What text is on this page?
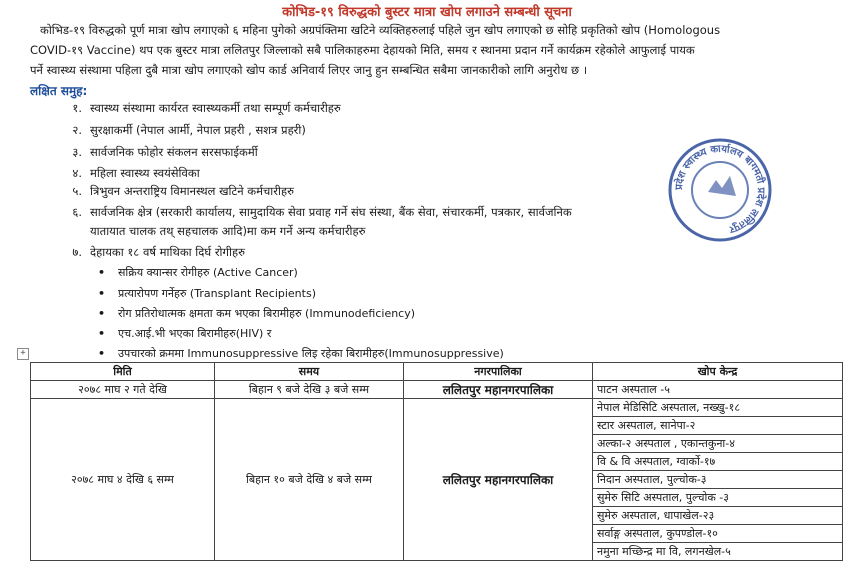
कोभिड-१९ विरुद्धको बुस्टर मात्रा खोप लगाउने सम्बन्धी सूचना
कोभिड-१९ विरुद्धको पूर्ण मात्रा खोप लगाएको ६ महिना पुगेको अग्रपंक्तिमा खटिने व्यक्तिहरुलाई पहिले जुन खोप लगाएको छ सोहि प्रकृतिको खोप (Homologous
COVID-१९ Vaccine) थप एक बुस्टर मात्रा ललितपुर जिल्लाको सबै पालिकाहरुमा देहायको मिति, समय र स्थानमा प्रदान गर्ने कार्यक्रम रहेकोले आफुलाई पायक
पर्ने स्वास्थ्य संस्थामा पहिला दुबै मात्रा खोप लगाएको खोप कार्ड अनिवार्य लिएर जानु हुन सम्बन्धित सबैमा जानकारीको लागि अनुरोध छ ।
लक्षित समुह:
१. स्वास्थ्य संस्थामा कार्यरत स्वास्थ्यकर्मी तथा सम्पूर्ण कर्मचारीहरु
२. सुरक्षाकर्मी (नेपाल आर्मी, नेपाल प्रहरी , सशत्र प्रहरी)
३. सार्वजनिक फोहोर संकलन सरसफाईकर्मी
४. महिला स्वास्थ्य स्वयंसेविका
५. त्रिभुवन अन्तराष्ट्रिय विमानस्थल खटिने कर्मचारीहरु
६. सार्वजनिक क्षेत्र (सरकारी कार्यालय, सामुदायिक सेवा प्रवाह गर्ने संघ संस्था, बैंक सेवा, संचारकर्मी, पत्रकार, सार्वजनिक
यातायात चालक तथ् सहचालक आदि)मा कम गर्ने अन्य कर्मचारीहरु
७. देहायका १८ वर्ष माथिका दिर्घ रोगीहरु
• सक्रिय क्यान्सर रोगीहरु (Active Cancer)
• प्रत्यारोपण गर्नेहरु (Transplant Recipients)
• रोग प्रतिरोधात्मक क्षमता कम भएका बिरामीहरु (Immunodeficiency)
• एच.आई.भी भएका बिरामीहरु(HIV) र
• उपचारको क्रममा Immunosuppressive लिइ रहेका बिरामीहरु(Immunosuppressive)
+
प्रदेश स्वास्थ्य कार्यालय बागमती प्रदेश ललितपुर
मिति	समय	नगरपालिका	खोप केन्द्र
२०७८ माघ २ गते देखि	बिहान ९ बजे देखि ३ बजे सम्म	ललितपुर महानगरपालिका	पाटन अस्पताल -५
२०७८ माघ ४ देखि ६ सम्म	बिहान १० बजे देखि ४ बजे सम्म	ललितपुर महानगरपालिका	नेपाल मेडिसिटि अस्पताल, नख्खु-१८
			स्टार अस्पताल, सानेपा-२
			अल्का-२ अस्पताल , एकान्तकुना-४
			वि & वि अस्पताल, ग्वार्को-१७
			निदान अस्पताल, पुल्चोक-३
			सुमेरु सिटि अस्पताल, पुल्चोक -३
			सुमेरु अस्पताल, धापाखेल-२३
			सर्वाङ्ग अस्पताल, कुपण्डोल-१०
			नमुना मच्छिन्द्र मा वि, लगनखेल-५
